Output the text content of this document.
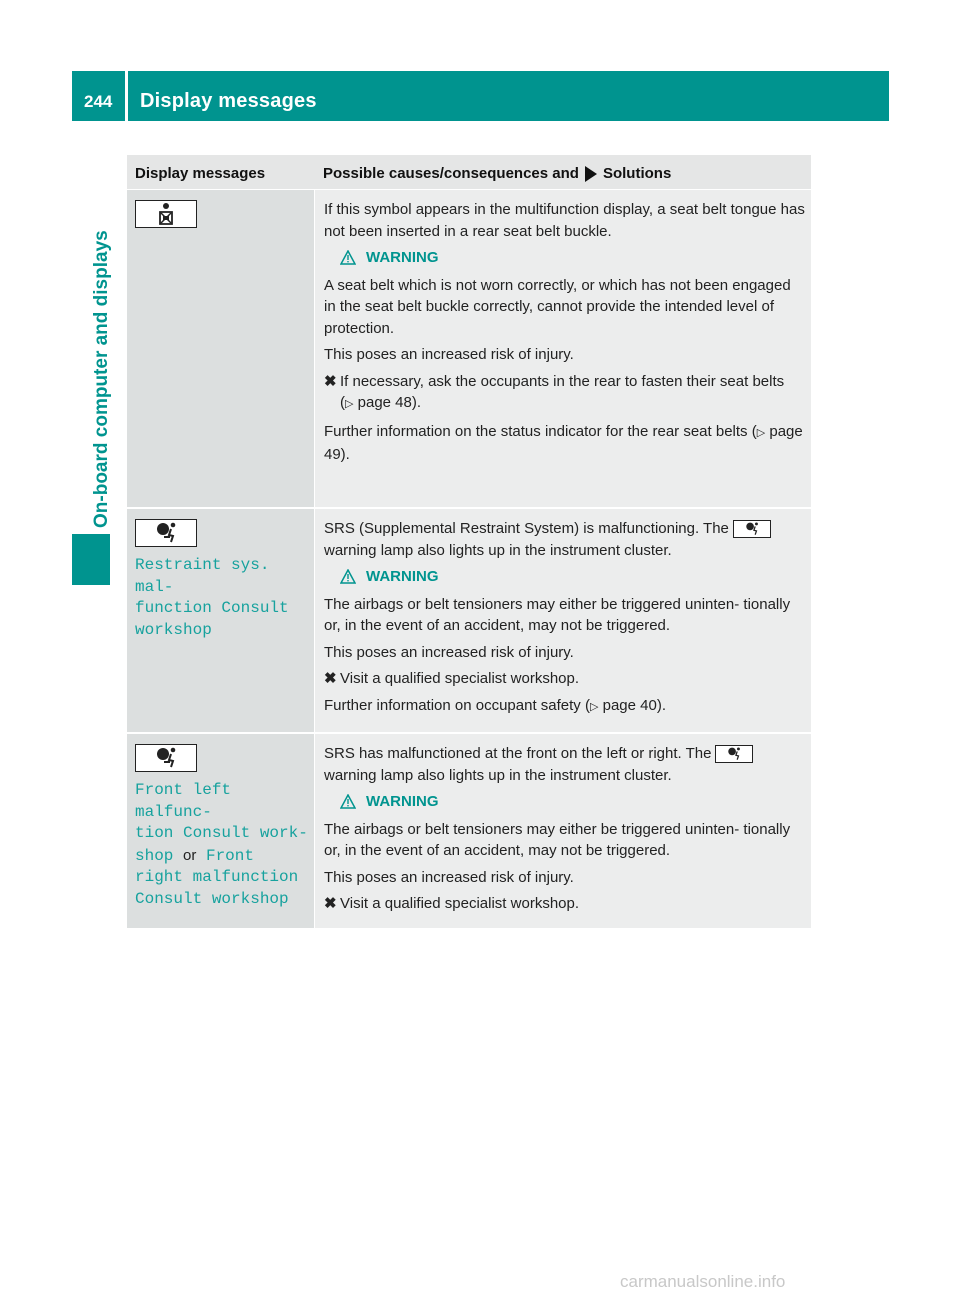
244 Display messages
On-board computer and displays
Display messages	Possible causes/consequences and Solutions
If this symbol appears in the multifunction display, a seat belt tongue has not been inserted in a rear seat belt buckle.
WARNING
A seat belt which is not worn correctly, or which has not been engaged in the seat belt buckle correctly, cannot provide the intended level of protection.
This poses an increased risk of injury.
✖ If necessary, ask the occupants in the rear to fasten their seat belts (▷ page 48).
Further information on the status indicator for the rear seat belts (▷ page 49).
Restraint sys. mal-
function Consult
workshop
SRS (Supplemental Restraint System) is malfunctioning. The

warning lamp also lights up in the instrument cluster.
WARNING
The airbags or belt tensioners may either be triggered uninten- tionally or, in the event of an accident, may not be triggered.
This poses an increased risk of injury.
✖ Visit a qualified specialist workshop.
Further information on occupant safety (▷ page 40).
Front left malfunc-
tion Consult work-
shop or Front
right malfunction
Consult workshop
SRS has malfunctioned at the front on the left or right. The

warning lamp also lights up in the instrument cluster.
WARNING
The airbags or belt tensioners may either be triggered uninten- tionally or, in the event of an accident, may not be triggered.
This poses an increased risk of injury.
✖ Visit a qualified specialist workshop.
carmanualsonline.info
